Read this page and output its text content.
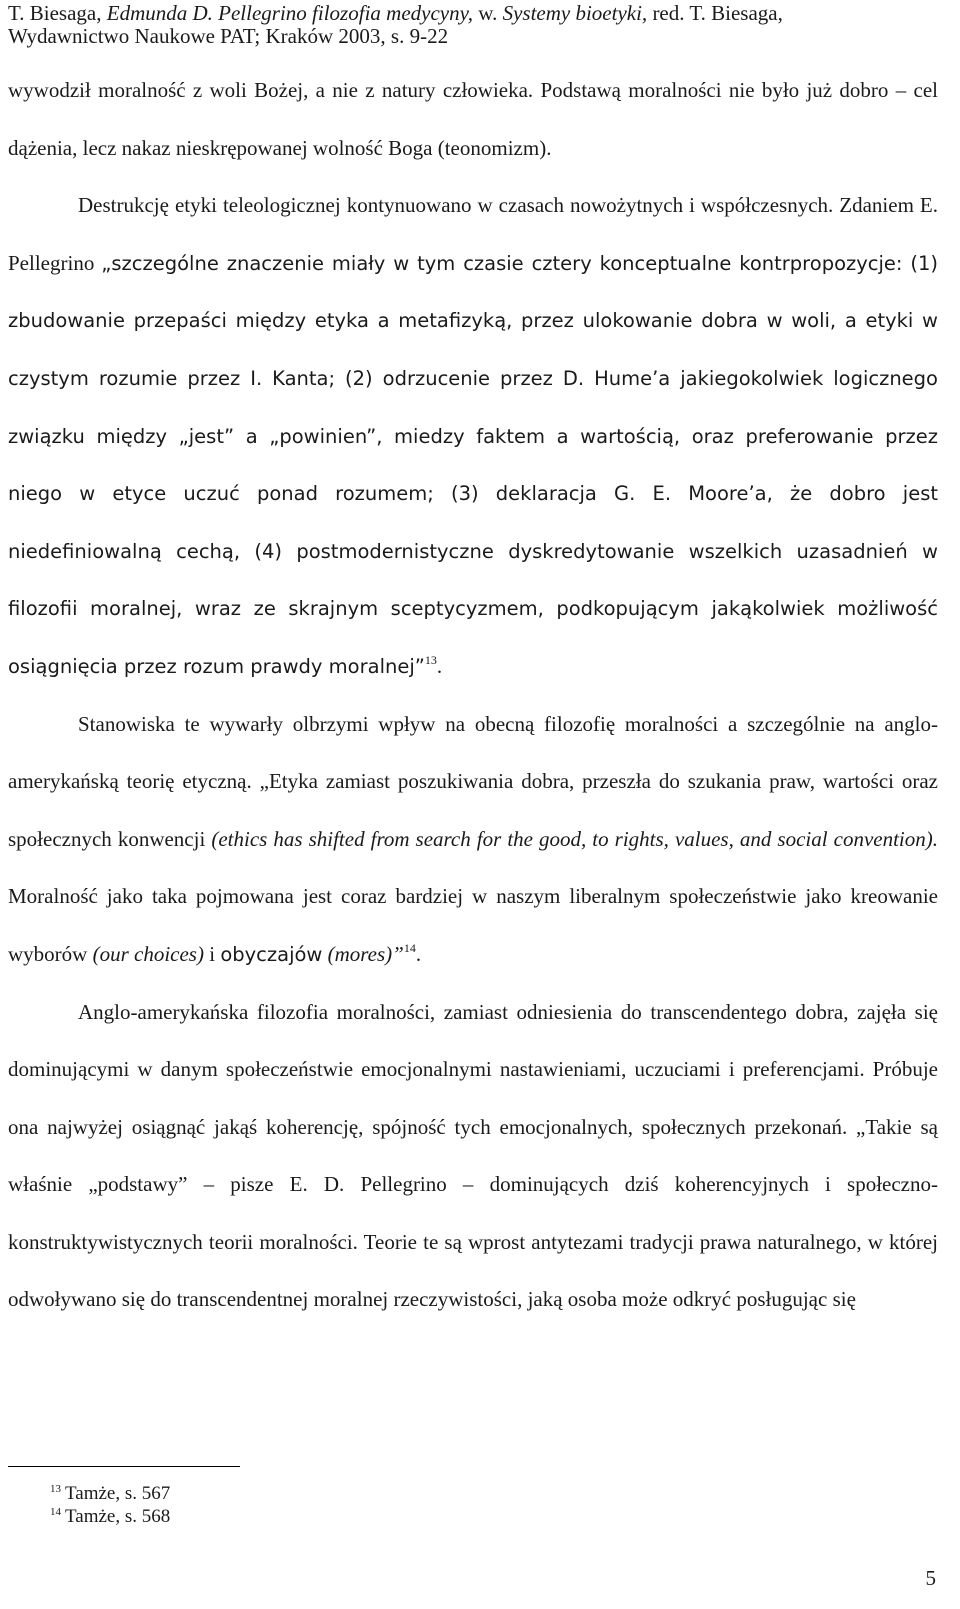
T. Biesaga, Edmunda D. Pellegrino filozofia medycyny, w. Systemy bioetyki, red. T. Biesaga,
Wydawnictwo Naukowe PAT; Kraków 2003, s. 9-22

wywodził moralność z woli Bożej, a nie z natury człowieka. Podstawą moralności nie było już dobro – cel dążenia, lecz nakaz nieskrępowanej wolność Boga (teonomizm).

Destrukcję etyki teleologicznej kontynuowano w czasach nowożytnych i współczesnych. Zdaniem E. Pellegrino „szczególne znaczenie miały w tym czasie cztery konceptualne kontrpropozycje: (1) zbudowanie przepaści między etyka a metafizyką, przez ulokowanie dobra w woli, a etyki w czystym rozumie przez I. Kanta; (2) odrzucenie przez D. Hume’a jakiegokolwiek logicznego związku między „jest” a „powinien”, miedzy faktem a wartością, oraz preferowanie przez niego w etyce uczuć ponad rozumem; (3) deklaracja G. E. Moore’a, że dobro jest niedefiniowalną cechą, (4) postmodernistyczne dyskredytowanie wszelkich uzasadnień w filozofii moralnej, wraz ze skrajnym sceptycyzmem, podkopującym jakąkolwiek możliwość osiągnięcia przez rozum prawdy moralnej”$^{13}$.

Stanowiska te wywarły olbrzymi wpływ na obecną filozofię moralności a szczególnie na anglo-amerykańską teorię etyczną. „Etyka zamiast poszukiwania dobra, przeszła do szukania praw, wartości oraz społecznych konwencji (ethics has shifted from search for the good, to rights, values, and social convention). Moralność jako taka pojmowana jest coraz bardziej w naszym liberalnym społeczeństwie jako kreowanie wyborów (our choices) i obyczajów (mores)”$^{14}$.

Anglo-amerykańska filozofia moralności, zamiast odniesienia do transcendentego dobra, zajęła się dominującymi w danym społeczeństwie emocjonalnymi nastawieniami, uczuciami i preferencjami. Próbuje ona najwyżej osiągnąć jakąś koherencję, spójność tych emocjonalnych, społecznych przekonań. „Takie są właśnie „podstawy” – pisze E. D. Pellegrino – dominujących dziś koherencyjnych i społeczno-konstruktywistycznych teorii moralności. Teorie te są wprost antytezami tradycji prawa naturalnego, w której odwoływano się do transcendentnej moralnej rzeczywistości, jaką osoba może odkryć posługując się

$^{13}$ Tamże, s. 567
$^{14}$ Tamże, s. 568
5
